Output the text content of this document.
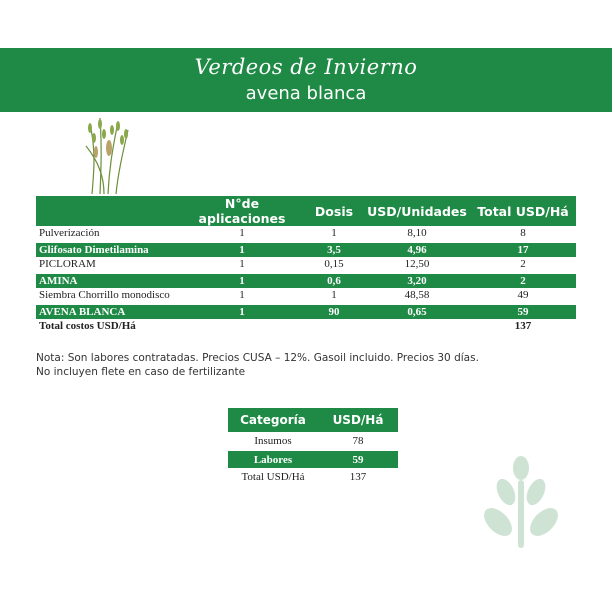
Verdeos de Invierno
avena blanca
	N°de aplicaciones	Dosis	USD/Unidades	Total USD/Há
Pulverización	1	1	8,10	8
Glifosato Dimetilamina	1	3,5	4,96	17
PICLORAM	1	0,15	12,50	2
AMINA	1	0,6	3,20	2
Siembra Chorrillo monodisco	1	1	48,58	49
AVENA BLANCA	1	90	0,65	59
Total costos USD/Há				137

Nota: Son labores contratadas. Precios CUSA – 12%. Gasoil incluido. Precios 30 días.

No incluyen flete en caso de fertilizante

Categoría	USD/Há
Insumos	78
Labores	59
Total USD/Há	137
